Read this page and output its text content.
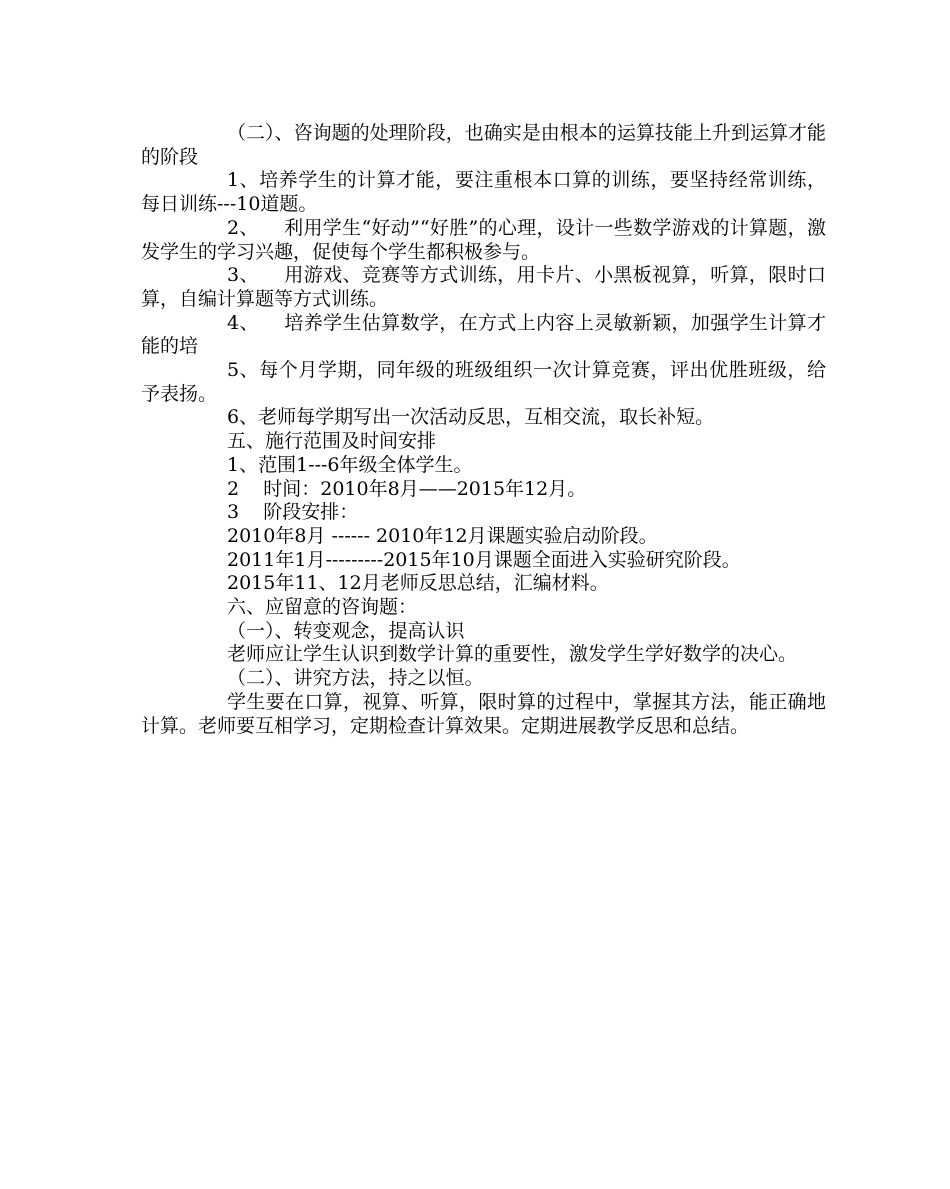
（二）、咨询题的处理阶段，也确实是由根本的运算技能上升到运算才能的阶段

1、培养学生的计算才能，要注重根本口算的训练，要坚持经常训练，每日训练---10道题。

2、    利用学生“好动”“好胜”的心理，设计一些数学游戏的计算题，激发学生的学习兴趣，促使每个学生都积极参与。

3、    用游戏、竞赛等方式训练，用卡片、小黑板视算，听算，限时口算，自编计算题等方式训练。

4、    培养学生估算数学，在方式上内容上灵敏新颖，加强学生计算才能的培

5、每个月学期，同年级的班级组织一次计算竞赛，评出优胜班级，给予表扬。

6、老师每学期写出一次活动反思，互相交流，取长补短。

五、施行范围及时间安排

1、范围1---6年级全体学生。

2    时间：2010年8月——2015年12月。

3    阶段安排：

2010年8月 ------ 2010年12月课题实验启动阶段。

2011年1月---------2015年10月课题全面进入实验研究阶段。

2015年11、12月老师反思总结，汇编材料。

六、应留意的咨询题：

（一）、转变观念，提高认识

老师应让学生认识到数学计算的重要性，激发学生学好数学的决心。

（二）、讲究方法，持之以恒。

学生要在口算，视算、听算，限时算的过程中，掌握其方法，能正确地计算。老师要互相学习，定期检查计算效果。定期进展教学反思和总结。
